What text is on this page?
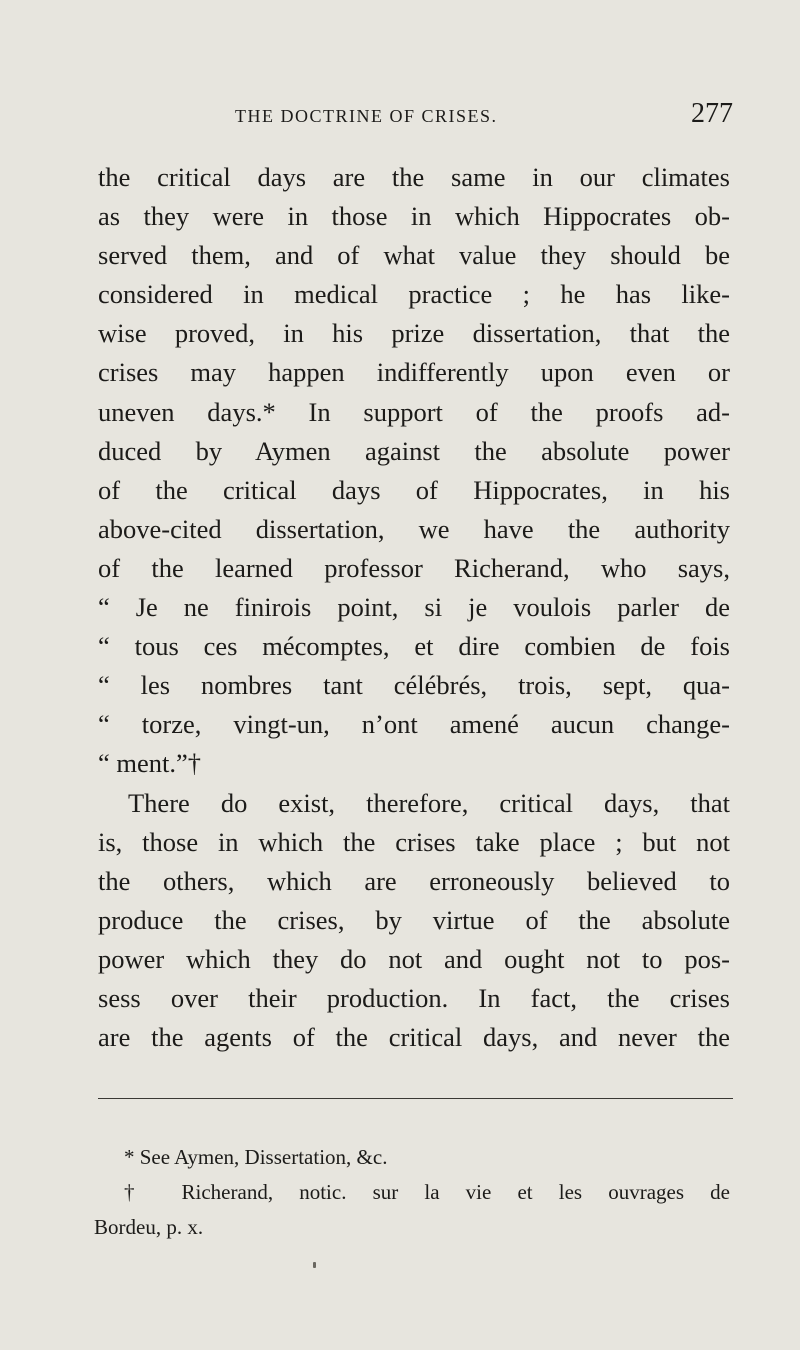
THE DOCTRINE OF CRISES.	277
the critical days are the same in our climates
as they were in those in which Hippocrates ob-
served them, and of what value they should be
considered in medical practice ; he has like-
wise proved, in his prize dissertation, that the
crises may happen indifferently upon even or
uneven days.* In support of the proofs ad-
duced by Aymen against the absolute power
of the critical days of Hippocrates, in his
above-cited dissertation, we have the authority
of the learned professor Richerand, who says,
“ Je ne finirois point, si je voulois parler de
“ tous ces mécomptes, et dire combien de fois
“ les nombres tant célébrés, trois, sept, qua-
“ torze, vingt-un, n’ont amené aucun change-
“ ment.”†
There do exist, therefore, critical days, that
is, those in which the crises take place ; but not
the others, which are erroneously believed to
produce the crises, by virtue of the absolute
power which they do not and ought not to pos-
sess over their production. In fact, the crises
are the agents of the critical days, and never the
* See Aymen, Dissertation, &c.
† Richerand, notic. sur la vie et les ouvrages de
Bordeu, p. x.
